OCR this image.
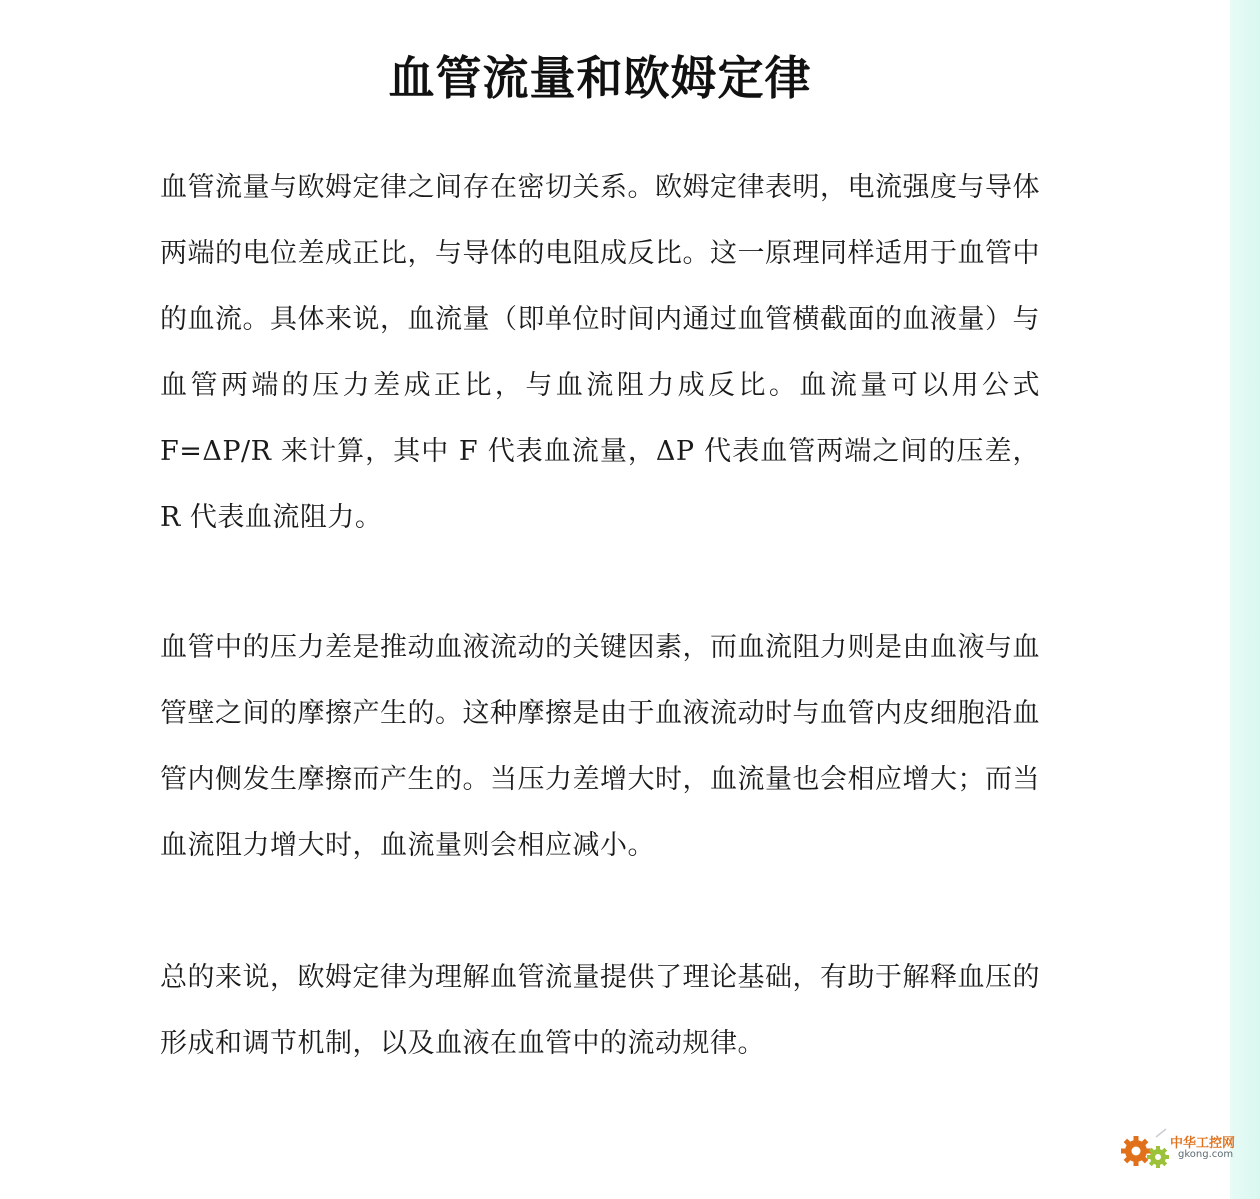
血管流量和欧姆定律

血管流量与欧姆定律之间存在密切关系。欧姆定律表明，电流强度与导体两端的电位差成正比，与导体的电阻成反比。这一原理同样适用于血管中的血流。具体来说，血流量（即单位时间内通过血管横截面的血液量）与血管两端的压力差成正比，与血流阻力成反比。血流量可以用公式 F=ΔP/R 来计算，其中 F 代表血流量，ΔP 代表血管两端之间的压差，R 代表血流阻力。

血管中的压力差是推动血液流动的关键因素，而血流阻力则是由血液与血管壁之间的摩擦产生的。这种摩擦是由于血液流动时与血管内皮细胞沿血管内侧发生摩擦而产生的。当压力差增大时，血流量也会相应增大；而当血流阻力增大时，血流量则会相应减小。

总的来说，欧姆定律为理解血管流量提供了理论基础，有助于解释血压的形成和调节机制，以及血液在血管中的流动规律。

中华工控网
gkong.com
